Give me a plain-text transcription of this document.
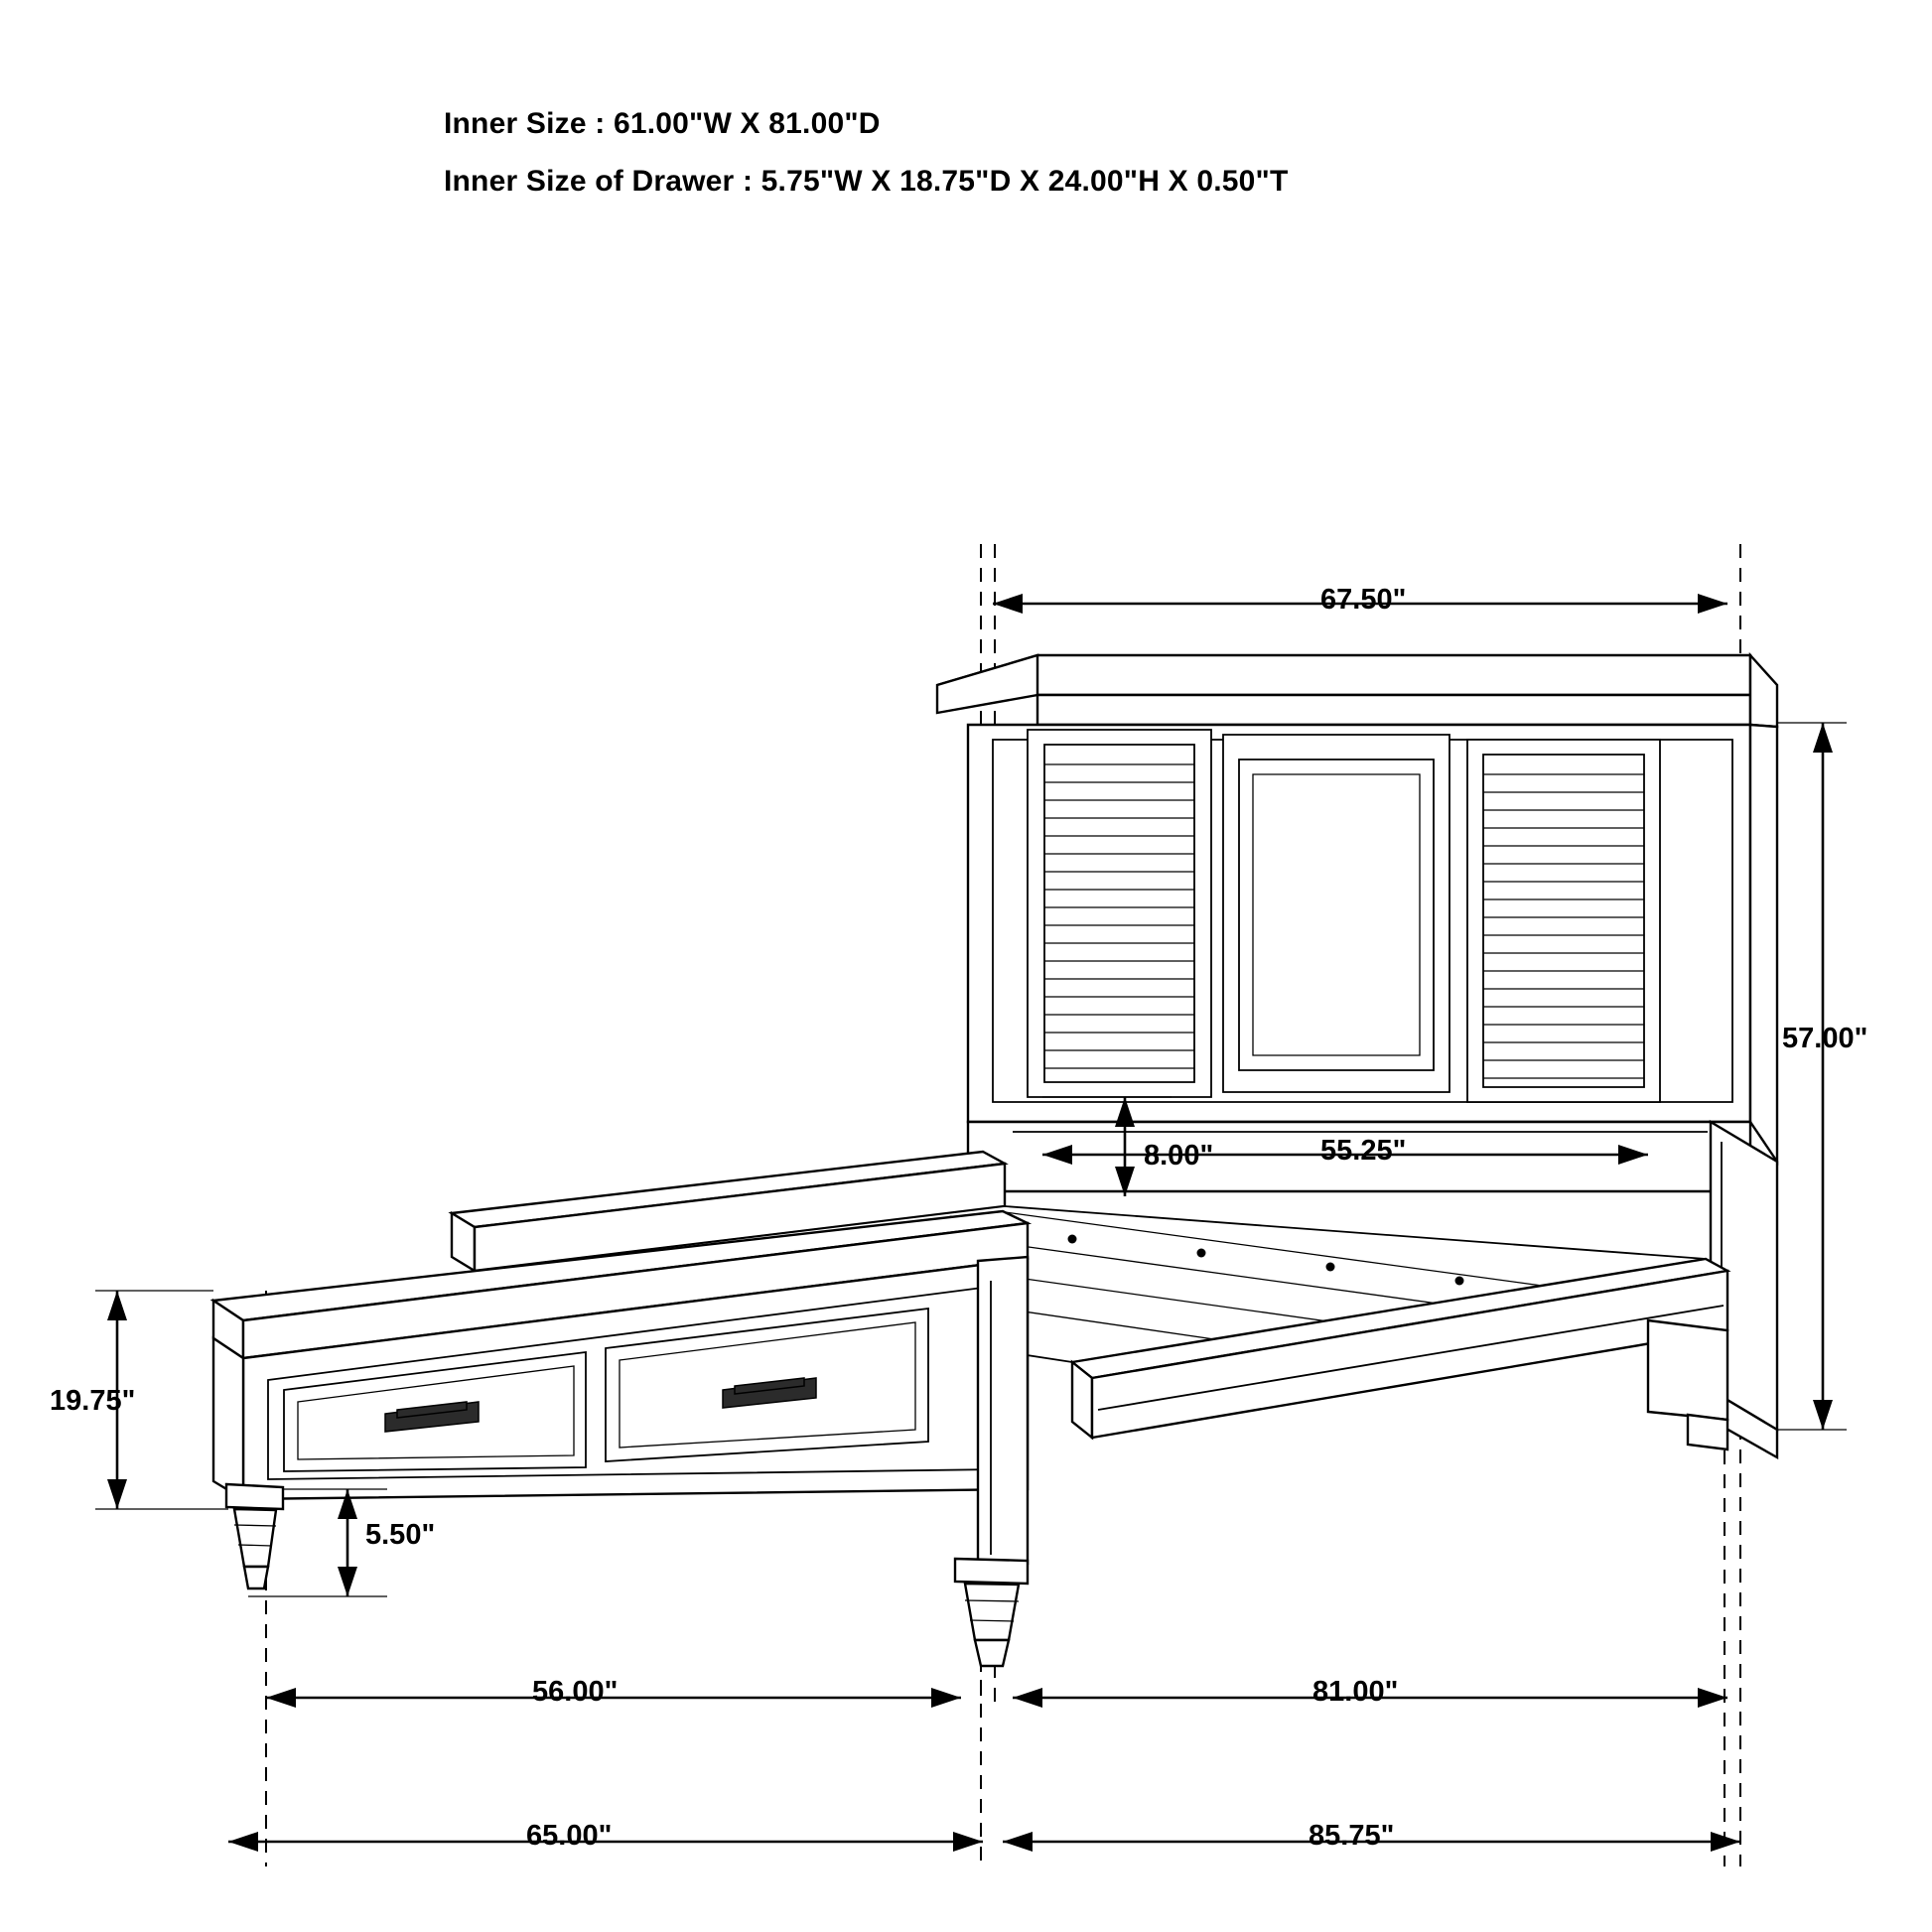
Inner Size : 61.00"W X 81.00"D
Inner Size of Drawer : 5.75"W X 18.75"D X 24.00"H X 0.50"T
67.50"
57.00"
8.00"	55.25"
19.75"
5.50"
56.00"	81.00"
65.00"	85.75"
